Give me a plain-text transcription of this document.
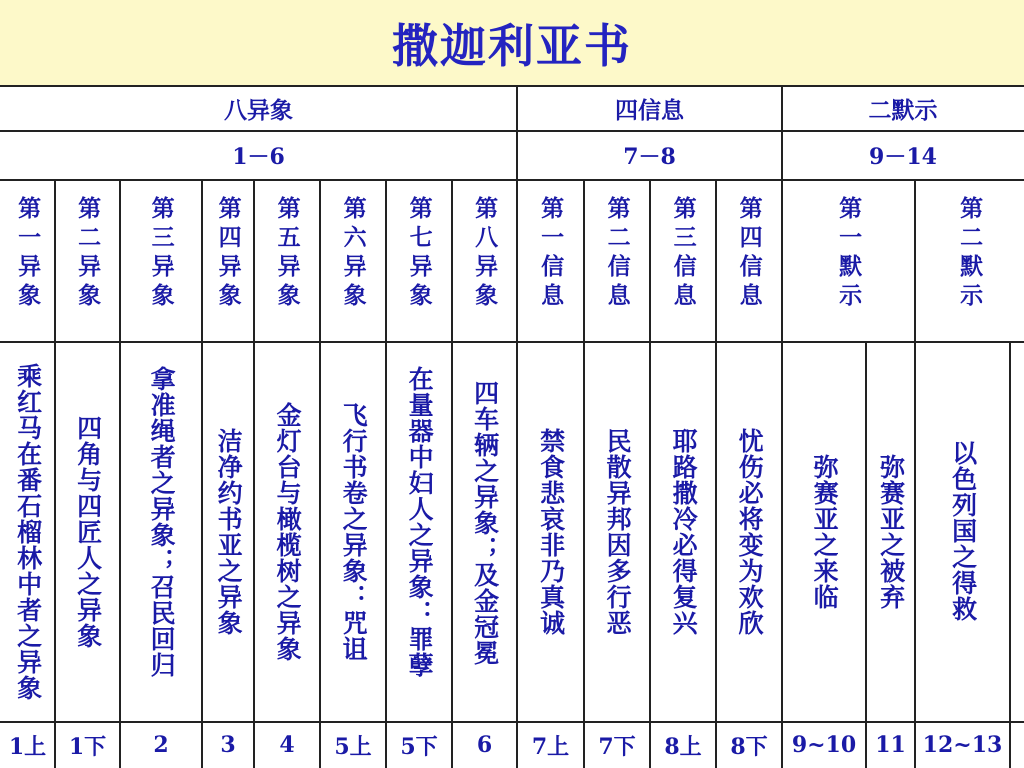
撒迦利亚书
八异象
1－6
四信息
7－8
二默示
9－14
第一异象 第二异象 第三异象 第四异象 第五异象 第六异象 第七异象 第八异象 第一信息 第二信息 第三信息 第四信息	第一默示	第二默示
乘红马在番石榴林中者之异象 四角与四匠人之异象 拿准绳者之异象；召民回归 洁净约书亚之异象 金灯台与橄榄树之异象 飞行书卷之异象：咒诅 在量器中妇人之异象：罪孽 四车辆之异象；及金冠冕 禁食悲哀非乃真诚 民散异邦因多行恶 耶路撒冷必得复兴 忧伤必将变为欢欣 弥赛亚之来临 弥赛亚之被弃 以色列国之得救
1上 1下 2 3 4 5上 5下 6 7上 7下 8上 8下 9~10 11 12~13
